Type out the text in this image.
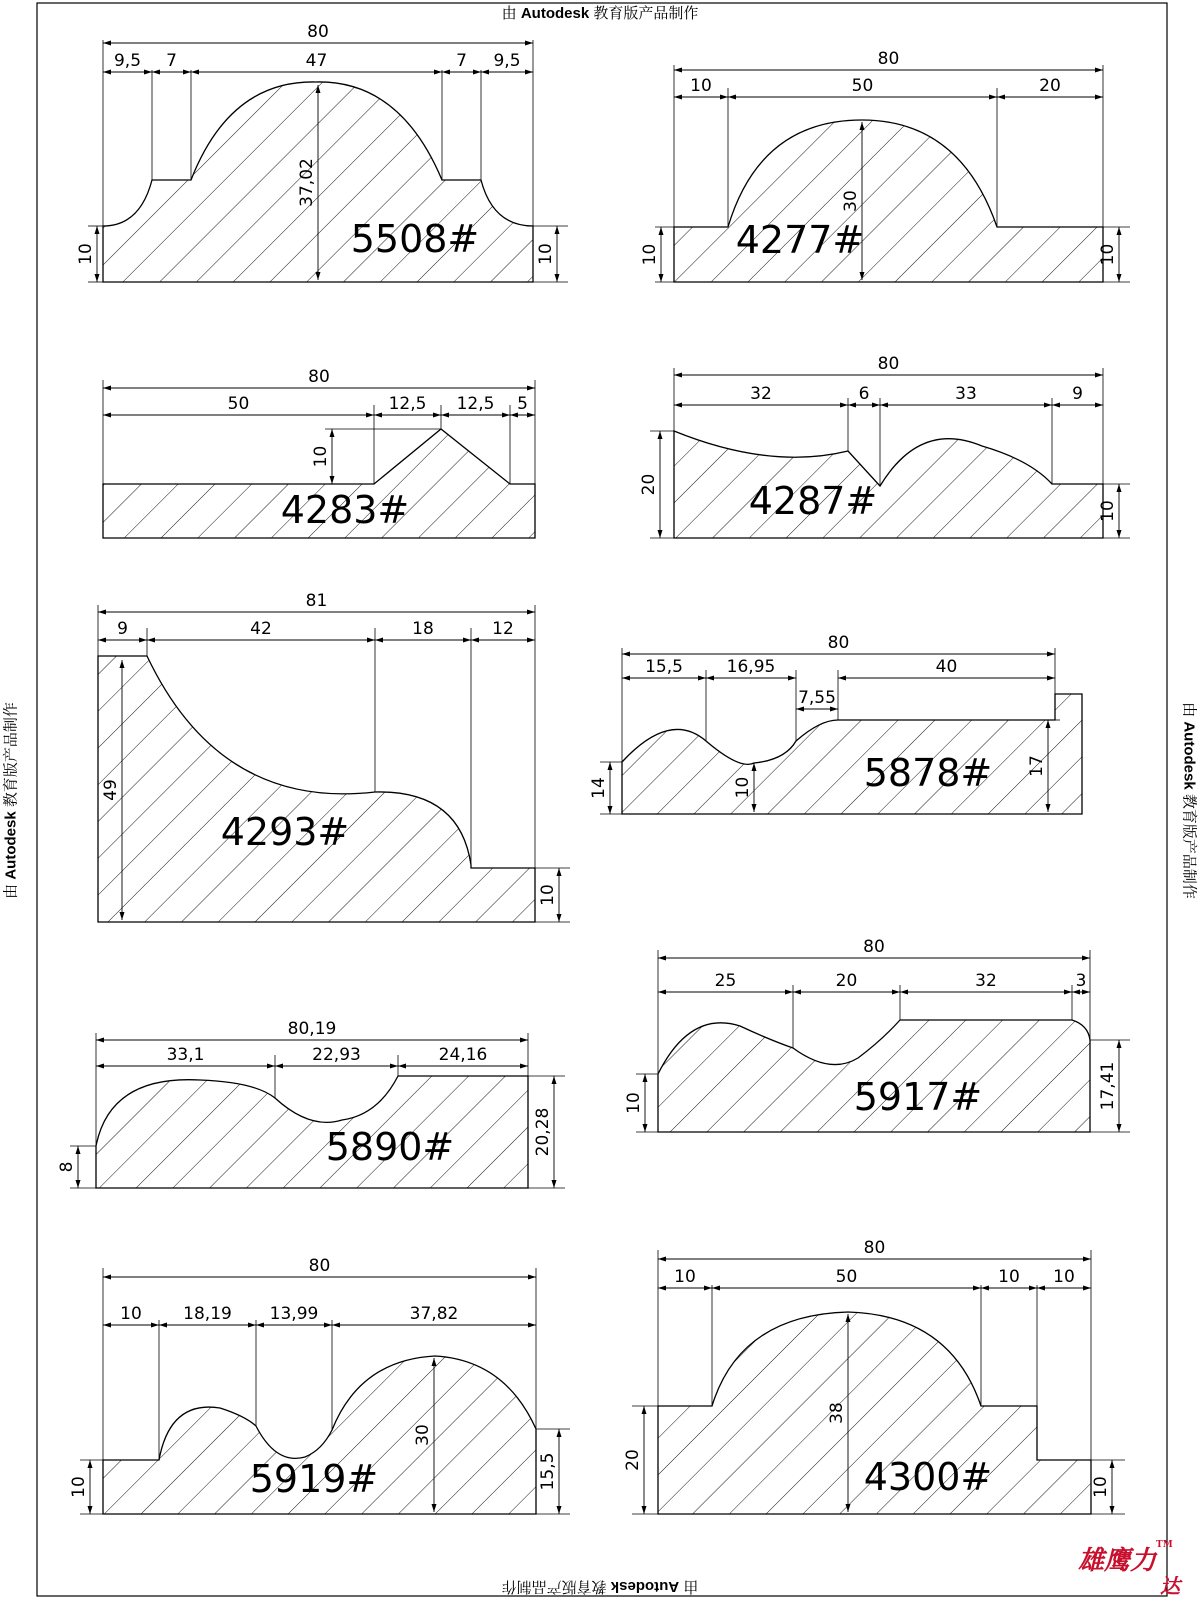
80
9,5 7	47	7 9,5
37,02
10	10
5508#
80
10	50	20
30
10	10
4277#
80
50	12,5 12,5 5
10
4283#
80
32	6	33	9
20
10
4287#
81
9	42	18	12
49
10
4293#
80
15,5	16,95	40
7,55
14	10
17
5878#
80,19
33,1	22,93	24,16
8
20,28
5890#
80
25	20	32	3
10	17,41
5917#
80
10 18,19 13,99	37,82
30
10	15,5
5919#
80
10	50	10 10
38
20
10
4300#
由 Autodesk 教育版产品制作
由 Autodesk 教育版产品制作
由 Autodesk 教育版产品制作	由 Autodesk 教育版产品制作
雄鹰力™
达
